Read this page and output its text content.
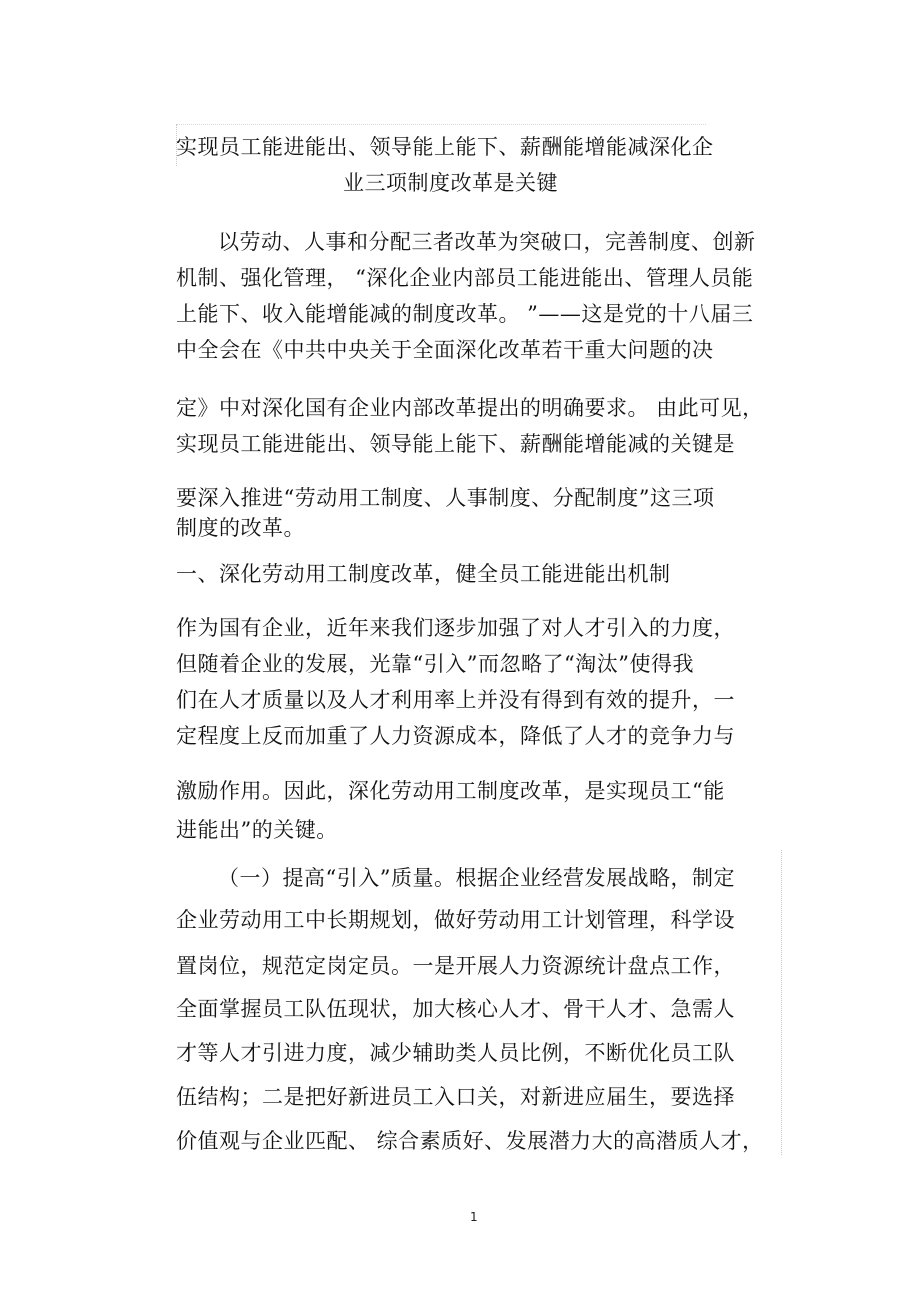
实现员工能进能出、领导能上能下、薪酬能增能减深化企
业三项制度改革是关键
以劳动、人事和分配三者改革为突破口，完善制度、创新
机制、强化管理， “深化企业内部员工能进能出、管理人员能
上能下、收入能增能减的制度改革。 ”——这是党的十八届三
中全会在《中共中央关于全面深化改革若干重大问题的决
定》中对深化国有企业内部改革提出的明确要求。 由此可见，
实现员工能进能出、领导能上能下、薪酬能增能减的关键是
要深入推进“劳动用工制度、人事制度、分配制度”这三项
制度的改革。
一、深化劳动用工制度改革，健全员工能进能出机制
作为国有企业，近年来我们逐步加强了对人才引入的力度，
但随着企业的发展，光靠“引入”而忽略了“淘汰”使得我
们在人才质量以及人才利用率上并没有得到有效的提升，一
定程度上反而加重了人力资源成本，降低了人才的竞争力与
激励作用。因此，深化劳动用工制度改革，是实现员工“能
进能出”的关键。
（一）提高“引入”质量。根据企业经营发展战略，制定
企业劳动用工中长期规划，做好劳动用工计划管理，科学设
置岗位，规范定岗定员。一是开展人力资源统计盘点工作，
全面掌握员工队伍现状，加大核心人才、骨干人才、急需人
才等人才引进力度，减少辅助类人员比例，不断优化员工队
伍结构；二是把好新进员工入口关，对新进应届生，要选择
价值观与企业匹配、 综合素质好、发展潜力大的高潜质人才，
1
